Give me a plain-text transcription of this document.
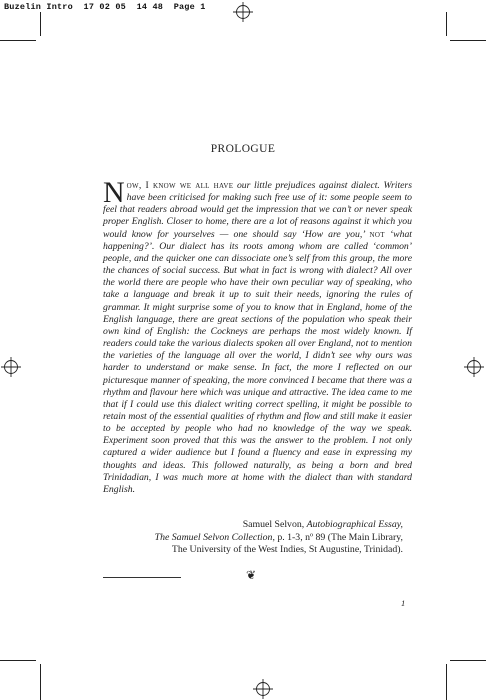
Buzelin Intro 17 02 05 14 48 Page 1
PROLOGUE
Now, I know we all have our little prejudices against dialect. Writers have been criticised for making such free use of it: some people seem to feel that readers abroad would get the impression that we can’t or never speak proper English. Closer to home, there are a lot of reasons against it which you would know for yourselves — one should say ‘How are you,’ not ‘what happening?’. Our dialect has its roots among whom are called ‘common’ people, and the quicker one can dissociate one’s self from this group, the more the chances of social success. But what in fact is wrong with dialect? All over the world there are people who have their own peculiar way of speaking, who take a language and break it up to suit their needs, ignoring the rules of grammar. It might surprise some of you to know that in England, home of the English language, there are great sections of the population who speak their own kind of English: the Cockneys are perhaps the most widely known. If readers could take the various dialects spoken all over England, not to mention the varieties of the language all over the world, I didn’t see why ours was harder to understand or make sense. In fact, the more I reflected on our picturesque manner of speaking, the more convinced I became that there was a rhythm and flavour here which was unique and attractive. The idea came to me that if I could use this dialect writing correct spelling, it might be possible to retain most of the essential qualities of rhythm and flow and still make it easier to be accepted by people who had no knowledge of the way we speak. Experiment soon proved that this was the answer to the problem. I not only captured a wider audience but I found a fluency and ease in expressing my thoughts and ideas. This followed naturally, as being a born and bred Trinidadian, I was much more at home with the dialect than with standard English.
Samuel Selvon, Autobiographical Essay,
The Samuel Selvon Collection, p. 1-3, nº 89 (The Main Library,
The University of the West Indies, St Augustine, Trinidad).
❦
1
